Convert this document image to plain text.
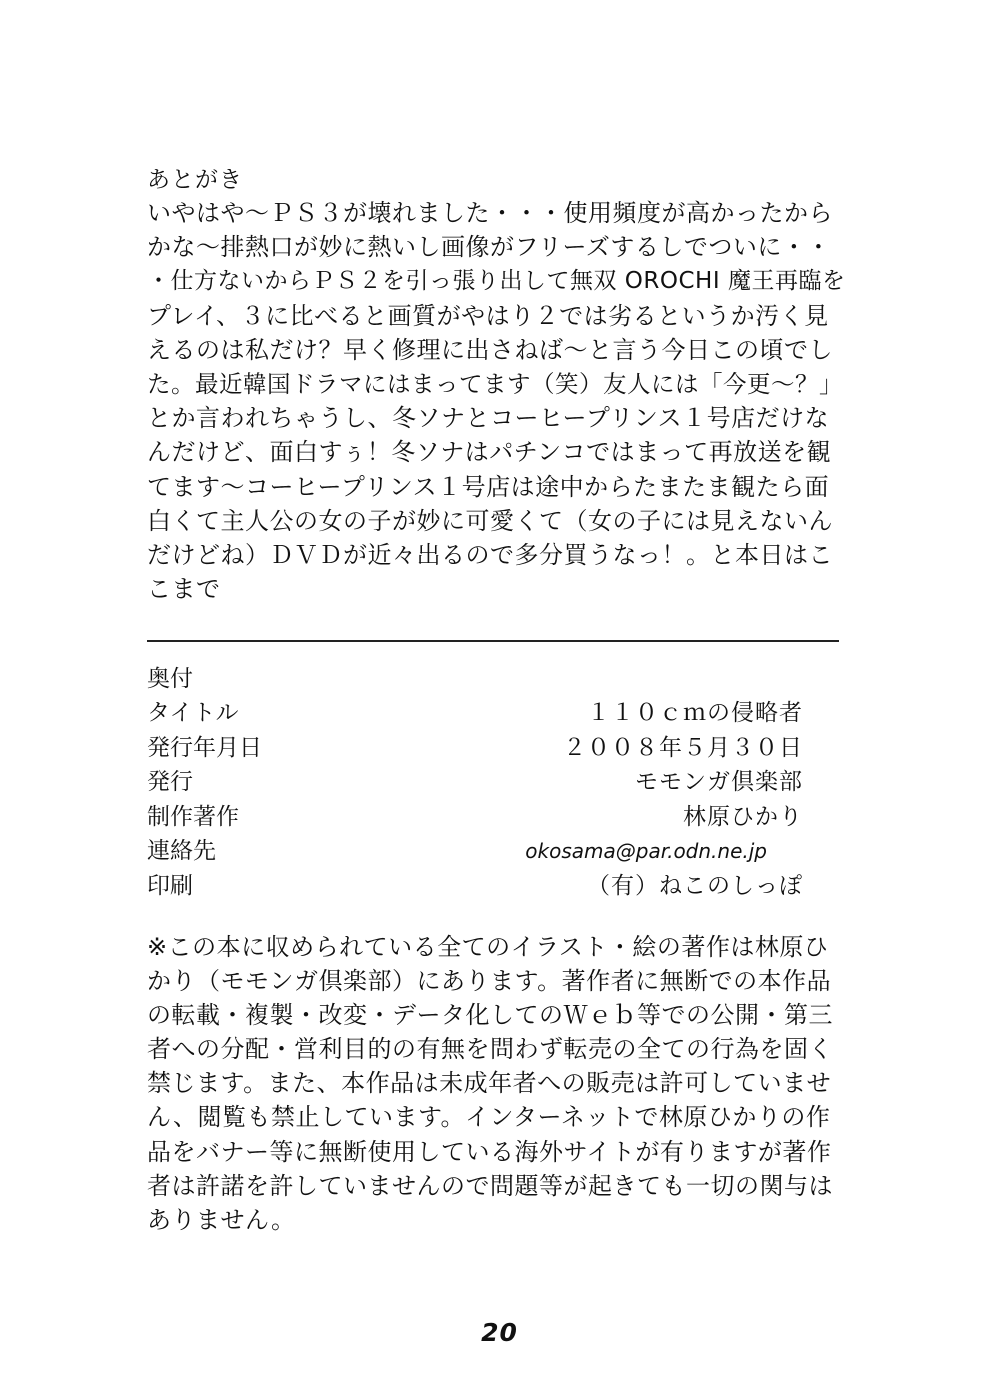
あとがき
いやはや～ＰＳ３が壊れました・・・使用頻度が高かったから
かな～排熱口が妙に熱いし画像がフリーズするしでついに・・
・仕方ないからＰＳ２を引っ張り出して無双 OROCHI 魔王再臨を
プレイ、３に比べると画質がやはり２では劣るというか汚く見
えるのは私だけ？早く修理に出さねば～と言う今日この頃でし
た。最近韓国ドラマにはまってます（笑）友人には「今更～？」
とか言われちゃうし、冬ソナとコーヒープリンス１号店だけな
んだけど、面白すぅ！冬ソナはパチンコではまって再放送を観
てます～コーヒープリンス１号店は途中からたまたま観たら面
白くて主人公の女の子が妙に可愛くて（女の子には見えないん
だけどね）ＤＶＤが近々出るので多分買うなっ！。と本日はこ
こまで
奥付
タイトル	１１０ｃｍの侵略者
発行年月日	２００８年５月３０日
発行	モモンガ倶楽部
制作著作	林原ひかり
連絡先	okosama@par.odn.ne.jp
印刷	（有）ねこのしっぽ
※この本に収められている全てのイラスト・絵の著作は林原ひ
かり（モモンガ倶楽部）にあります。著作者に無断での本作品
の転載・複製・改変・データ化してのＷｅｂ等での公開・第三
者への分配・営利目的の有無を問わず転売の全ての行為を固く
禁じます。また、本作品は未成年者への販売は許可していませ
ん、閲覧も禁止しています。インターネットで林原ひかりの作
品をバナー等に無断使用している海外サイトが有りますが著作
者は許諾を許していませんので問題等が起きても一切の関与は
ありません。
20
